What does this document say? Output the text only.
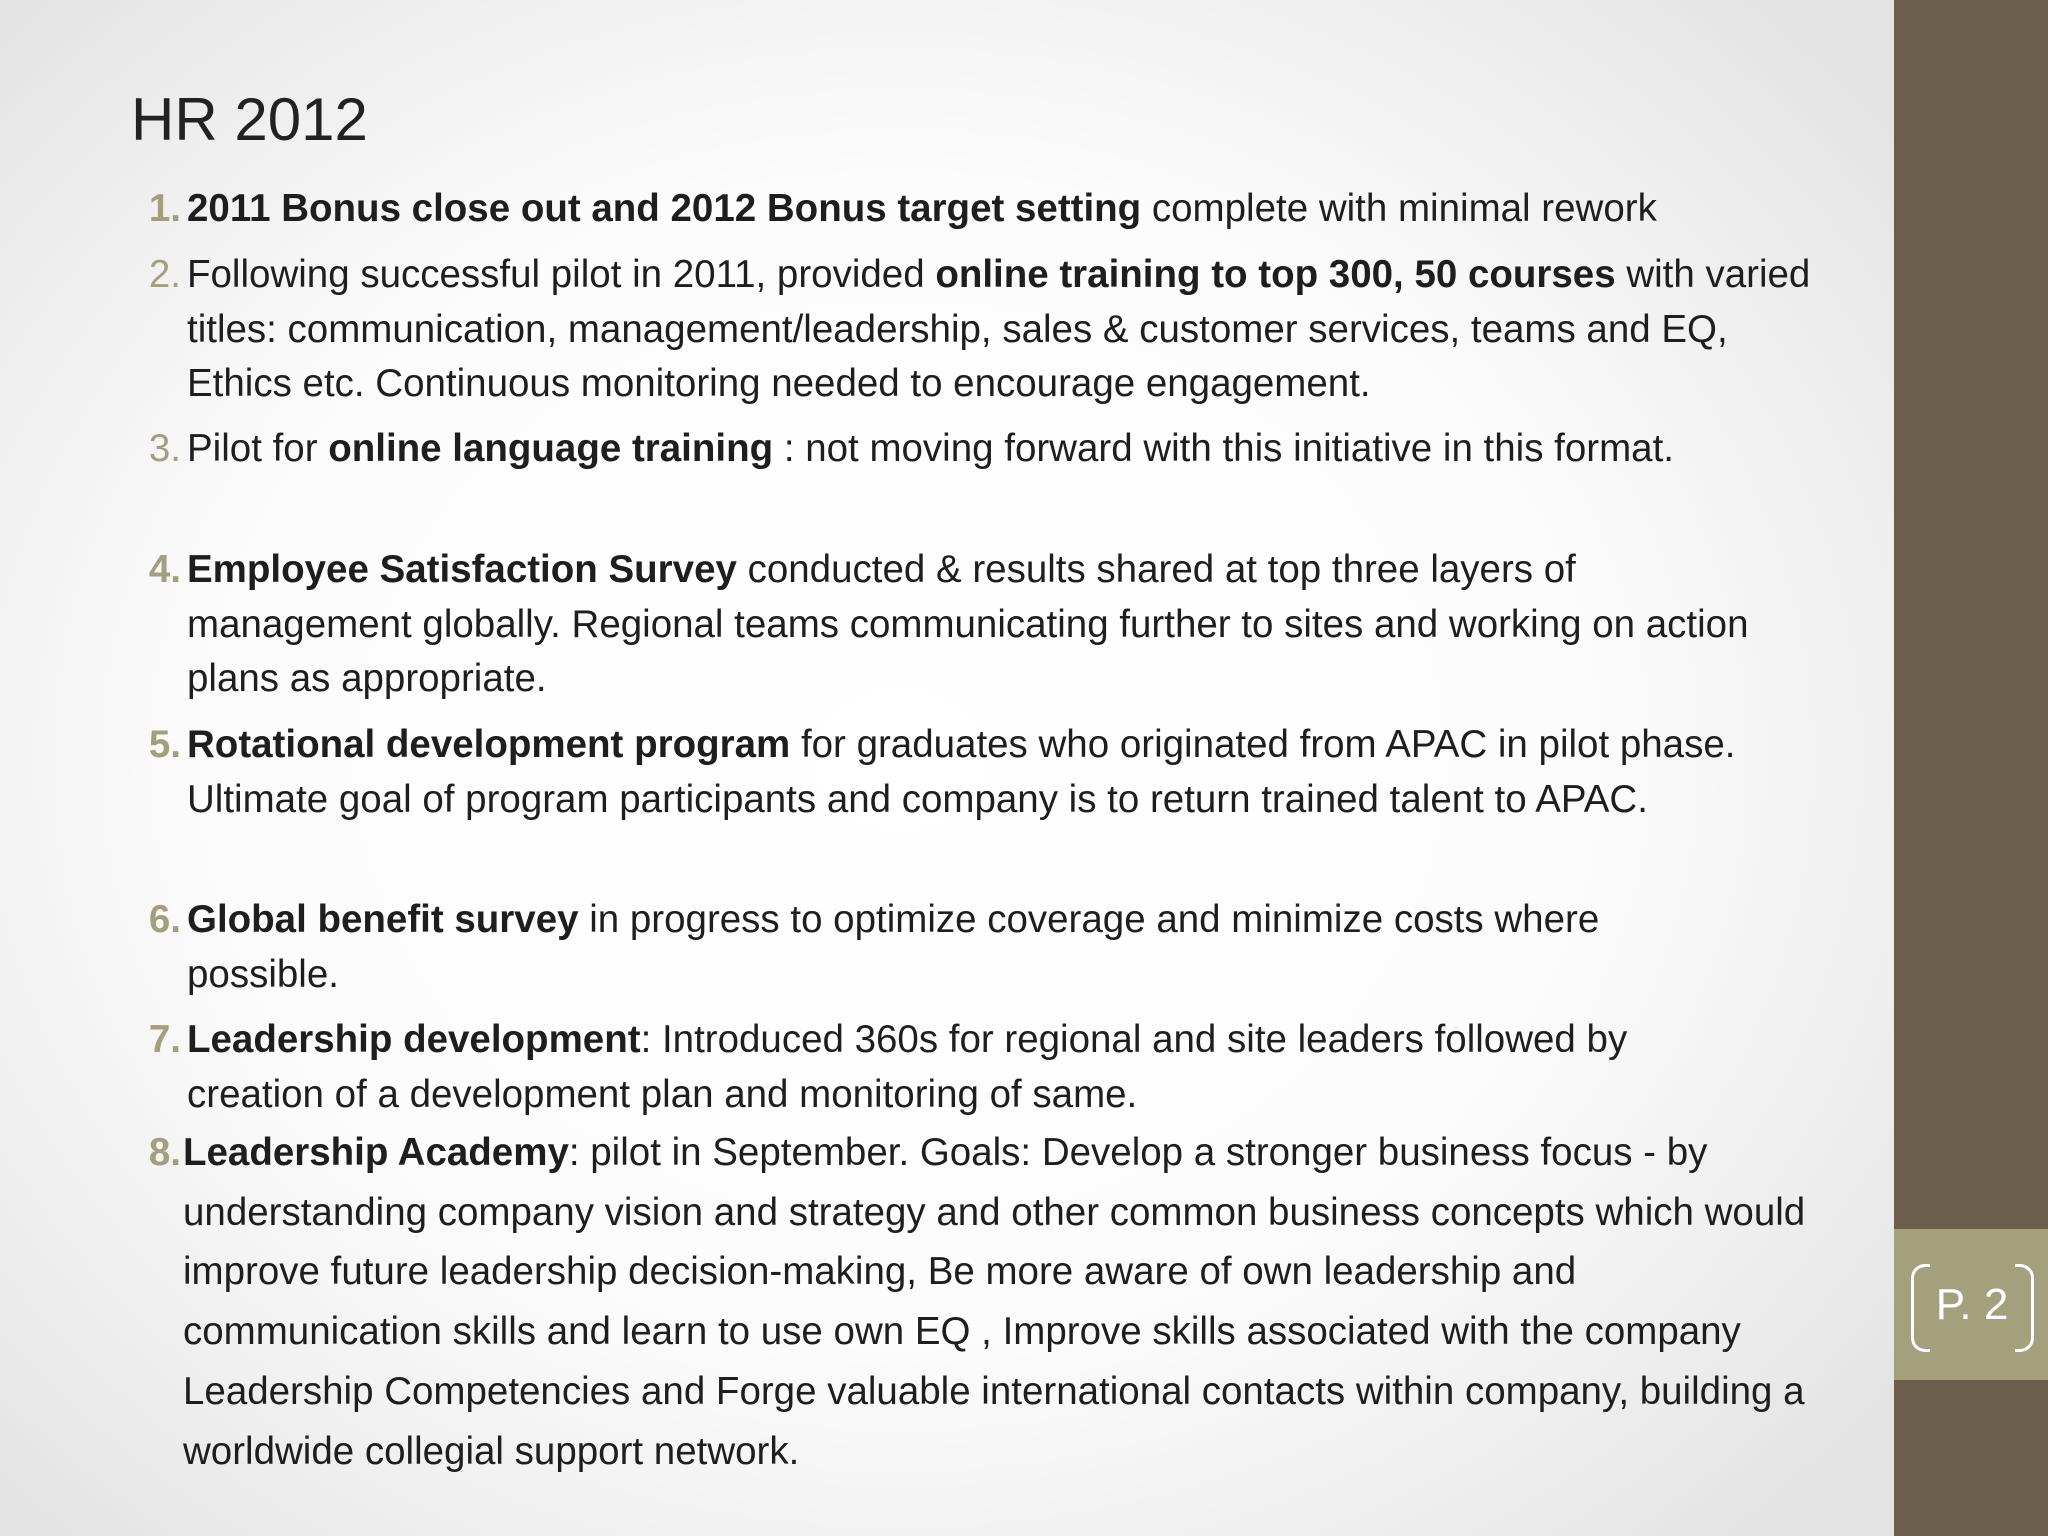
P. 2
HR 2012
1. 2011 Bonus close out and 2012 Bonus target setting complete with minimal rework
2. Following successful pilot in 2011, provided online training to top 300, 50 courses with varied titles: communication, management/leadership, sales & customer services, teams and EQ, Ethics etc. Continuous monitoring needed to encourage engagement.
3. Pilot for online language training : not moving forward with this initiative in this format.
4. Employee Satisfaction Survey conducted & results shared at top three layers of management globally. Regional teams communicating further to sites and working on action plans as appropriate.
5. Rotational development program for graduates who originated from APAC in pilot phase. Ultimate goal of program participants and company is to return trained talent to APAC.
6. Global benefit survey in progress to optimize coverage and minimize costs where possible.
7. Leadership development: Introduced 360s for regional and site leaders followed by creation of a development plan and monitoring of same.
8. Leadership Academy: pilot in September. Goals: Develop a stronger business focus - by understanding company vision and strategy and other common business concepts which would improve future leadership decision-making, Be more aware of own leadership and communication skills and learn to use own EQ , Improve skills associated with the company Leadership Competencies and Forge valuable international contacts within company, building a worldwide collegial support network.
